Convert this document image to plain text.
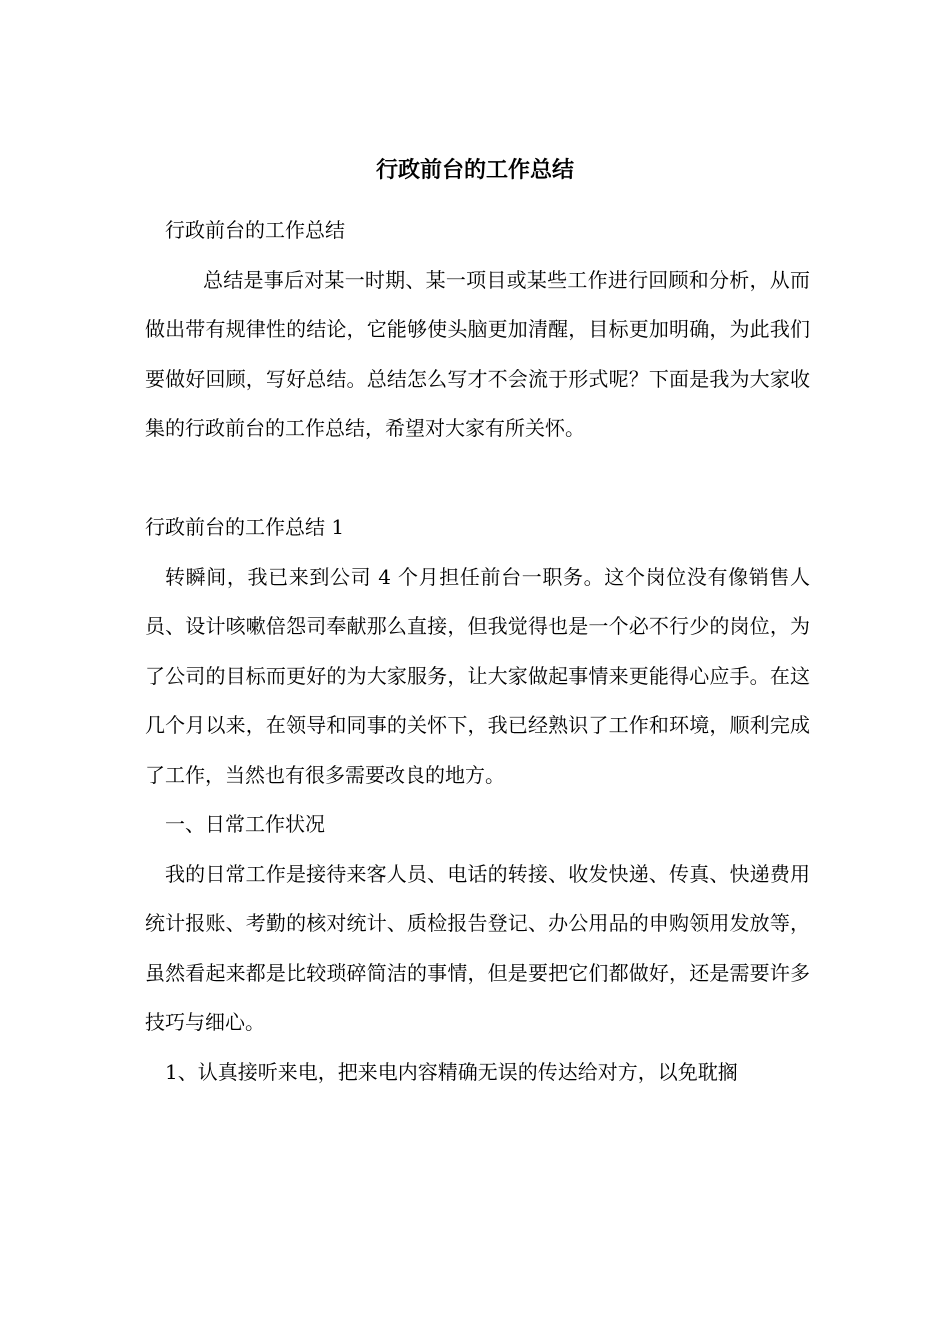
行政前台的工作总结

行政前台的工作总结

总结是事后对某一时期、某一项目或某些工作进行回顾和分析，从而做出带有规律性的结论，它能够使头脑更加清醒，目标更加明确，为此我们要做好回顾，写好总结。总结怎么写才不会流于形式呢？下面是我为大家收集的行政前台的工作总结，希望对大家有所关怀。

行政前台的工作总结 1

转瞬间，我已来到公司 4 个月担任前台一职务。这个岗位没有像销售人员、设计咳嗽倍怨司奉献那么直接，但我觉得也是一个必不行少的岗位，为了公司的目标而更好的为大家服务，让大家做起事情来更能得心应手。在这几个月以来，在领导和同事的关怀下，我已经熟识了工作和环境，顺利完成了工作，当然也有很多需要改良的地方。

一、日常工作状况

我的日常工作是接待来客人员、电话的转接、收发快递、传真、快递费用统计报账、考勤的核对统计、质检报告登记、办公用品的申购领用发放等，虽然看起来都是比较琐碎简洁的事情，但是要把它们都做好，还是需要许多技巧与细心。

1、认真接听来电，把来电内容精确无误的传达给对方，以免耽搁
